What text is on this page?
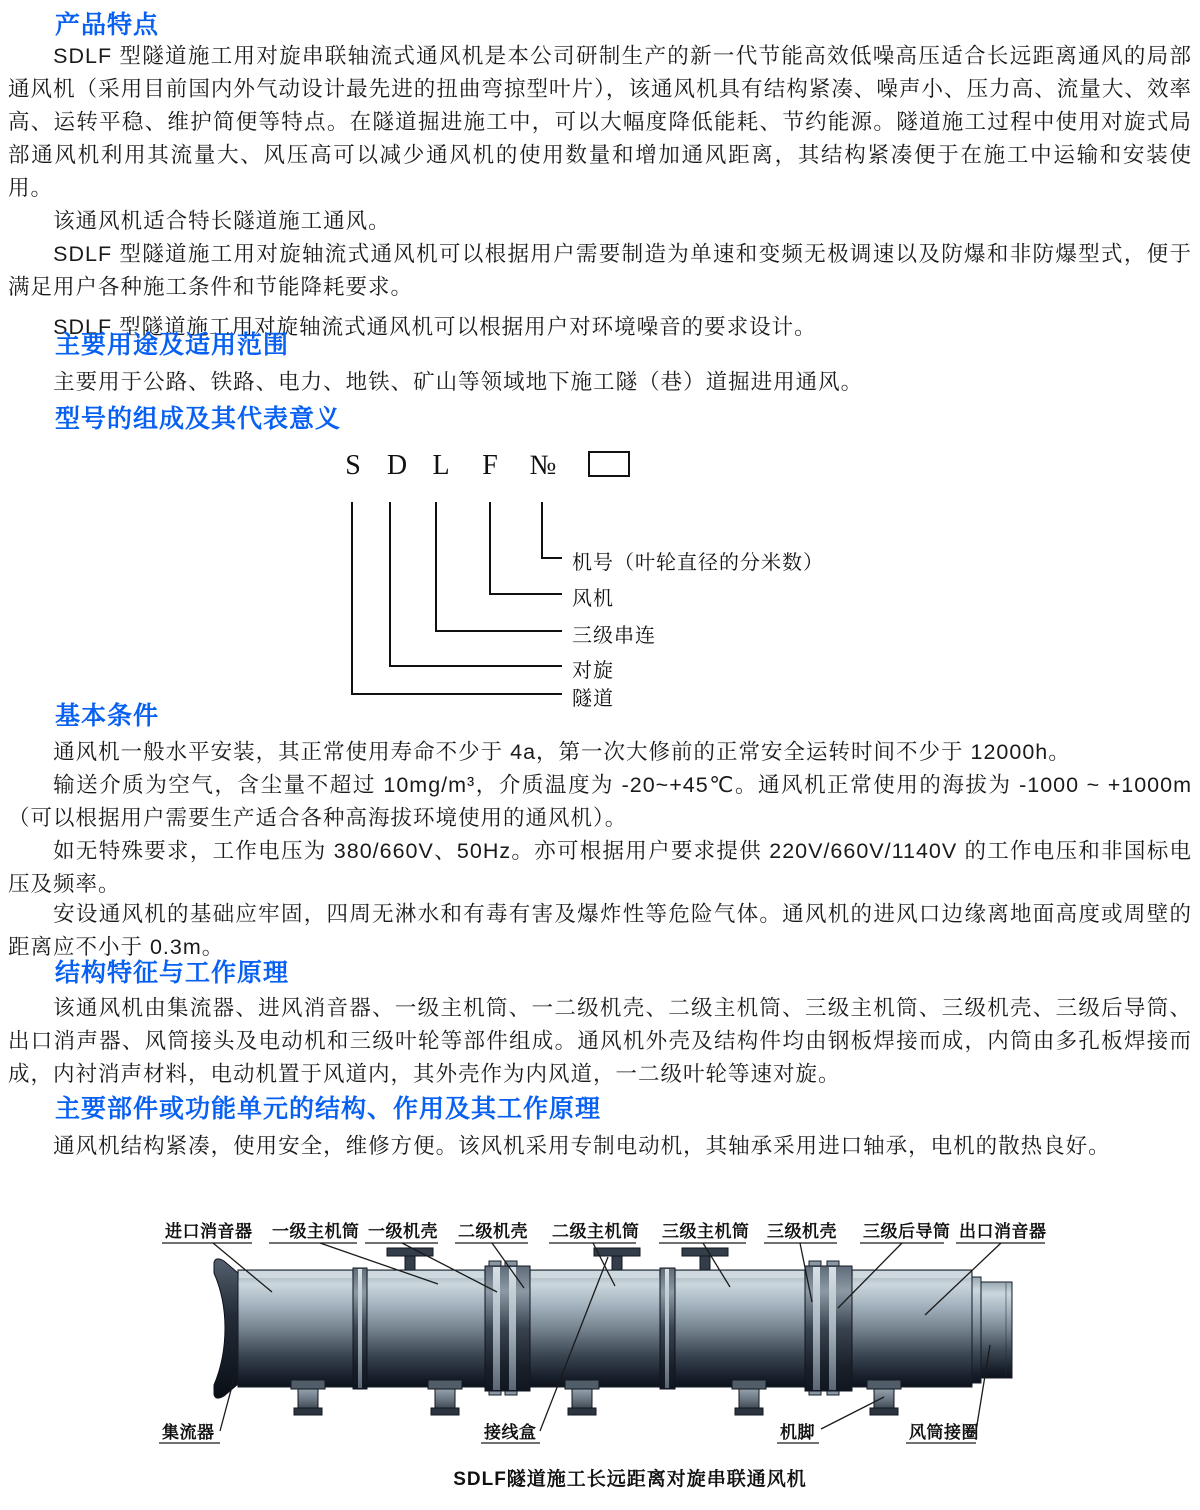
产品特点

SDLF 型隧道施工用对旋串联轴流式通风机是本公司研制生产的新一代节能高效低噪高压适合长远距离通风的局部通风机（采用目前国内外气动设计最先进的扭曲弯掠型叶片），该通风机具有结构紧凑、噪声小、压力高、流量大、效率高、运转平稳、维护简便等特点。在隧道掘进施工中，可以大幅度降低能耗、节约能源。隧道施工过程中使用对旋式局部通风机利用其流量大、风压高可以减少通风机的使用数量和增加通风距离，其结构紧凑便于在施工中运输和安装使用。

该通风机适合特长隧道施工通风。

SDLF 型隧道施工用对旋轴流式通风机可以根据用户需要制造为单速和变频无极调速以及防爆和非防爆型式，便于满足用户各种施工条件和节能降耗要求。

SDLF 型隧道施工用对旋轴流式通风机可以根据用户对环境噪音的要求设计。

主要用途及适用范围

主要用于公路、铁路、电力、地铁、矿山等领域地下施工隧（巷）道掘进用通风。

型号的组成及其代表意义
S D L F №
机号（叶轮直径的分米数）
风机
三级串连
对旋
隧道
基本条件

通风机一般水平安装，其正常使用寿命不少于 4a，第一次大修前的正常安全运转时间不少于 12000h。

输送介质为空气，含尘量不超过 10mg/m³，介质温度为 -20~+45℃。通风机正常使用的海拔为 -1000 ~ +1000m（可以根据用户需要生产适合各种高海拔环境使用的通风机）。

如无特殊要求，工作电压为 380/660V、50Hz。亦可根据用户要求提供 220V/660V/1140V 的工作电压和非国标电压及频率。

安设通风机的基础应牢固，四周无淋水和有毒有害及爆炸性等危险气体。通风机的进风口边缘离地面高度或周壁的距离应不小于 0.3m。

结构特征与工作原理

该通风机由集流器、进风消音器、一级主机筒、一二级机壳、二级主机筒、三级主机筒、三级机壳、三级后导筒、出口消声器、风筒接头及电动机和三级叶轮等部件组成。通风机外壳及结构件均由钢板焊接而成，内筒由多孔板焊接而成，内衬消声材料，电动机置于风道内，其外壳作为内风道，一二级叶轮等速对旋。

主要部件或功能单元的结构、作用及其工作原理

通风机结构紧凑，使用安全，维修方便。该风机采用专制电动机，其轴承采用进口轴承，电机的散热良好。

进口消音器 一级主机筒 一级机壳 二级机壳 二级主机筒 三级主机筒 三级机壳 三级后导筒 出口消音器
集流器	接线盒	机脚	风筒接圈
SDLF隧道施工长远距离对旋串联通风机
